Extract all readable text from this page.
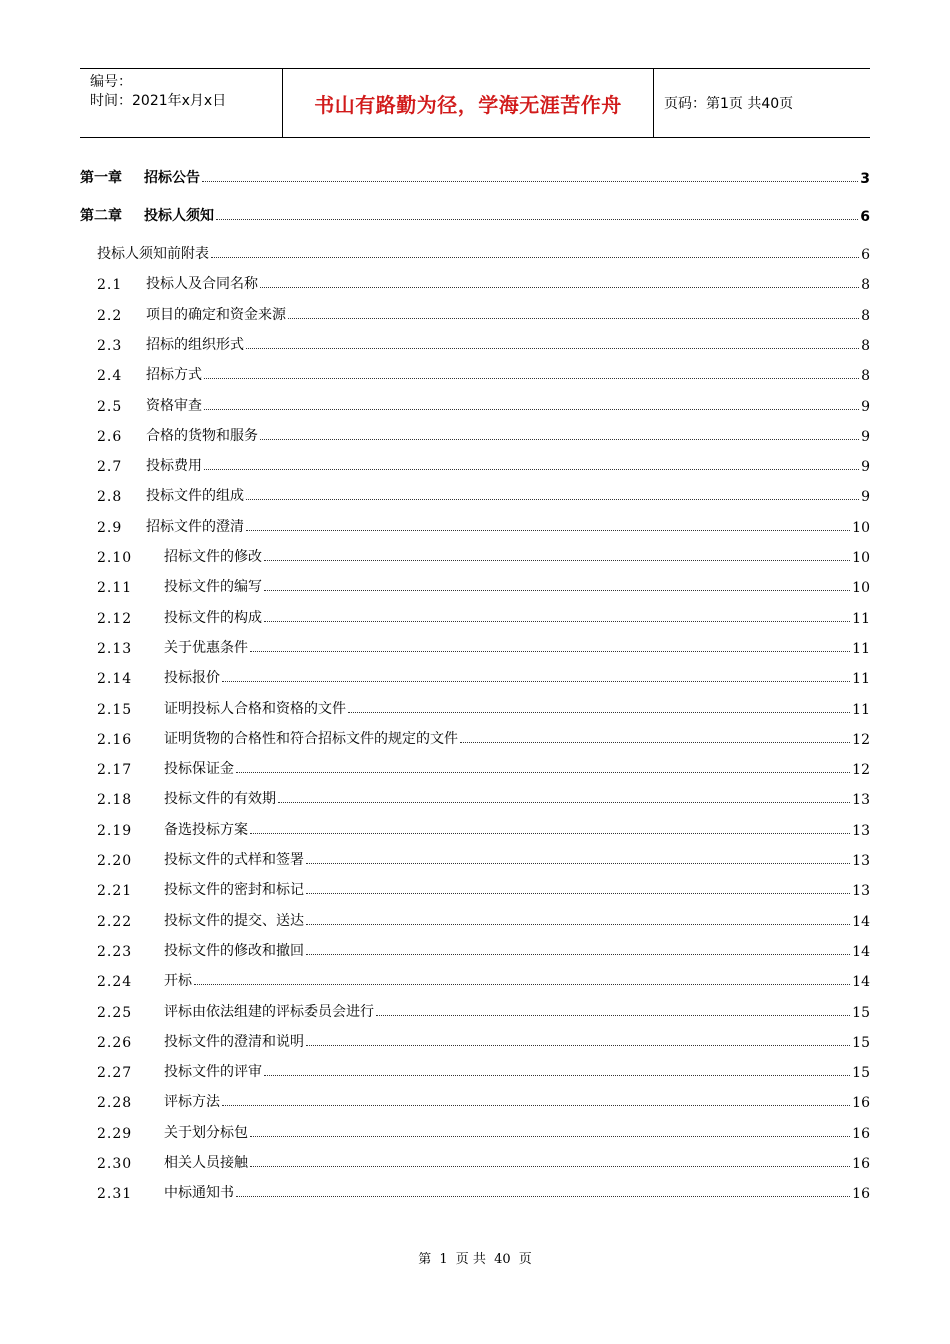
编号：
时间：2021年x月x日	书山有路勤为径，学海无涯苦作舟	页码：第1页 共40页
第一章	招标公告	3
第二章	投标人须知	6
投标人须知前附表	6
2.1	投标人及合同名称	8
2.2	项目的确定和资金来源	8
2.3	招标的组织形式	8
2.4	招标方式	8
2.5	资格审查	9
2.6	合格的货物和服务	9
2.7	投标费用	9
2.8	投标文件的组成	9
2.9	招标文件的澄清	10
2.10	招标文件的修改	10
2.11	投标文件的编写	10
2.12	投标文件的构成	11
2.13	关于优惠条件	11
2.14	投标报价	11
2.15	证明投标人合格和资格的文件	11
2.16	证明货物的合格性和符合招标文件的规定的文件	12
2.17	投标保证金	12
2.18	投标文件的有效期	13
2.19	备选投标方案	13
2.20	投标文件的式样和签署	13
2.21	投标文件的密封和标记	13
2.22	投标文件的提交、送达	14
2.23	投标文件的修改和撤回	14
2.24	开标	14
2.25	评标由依法组建的评标委员会进行	15
2.26	投标文件的澄清和说明	15
2.27	投标文件的评审	15
2.28	评标方法	16
2.29	关于划分标包	16
2.30	相关人员接触	16
2.31	中标通知书	16
第 1 页 共 40 页
